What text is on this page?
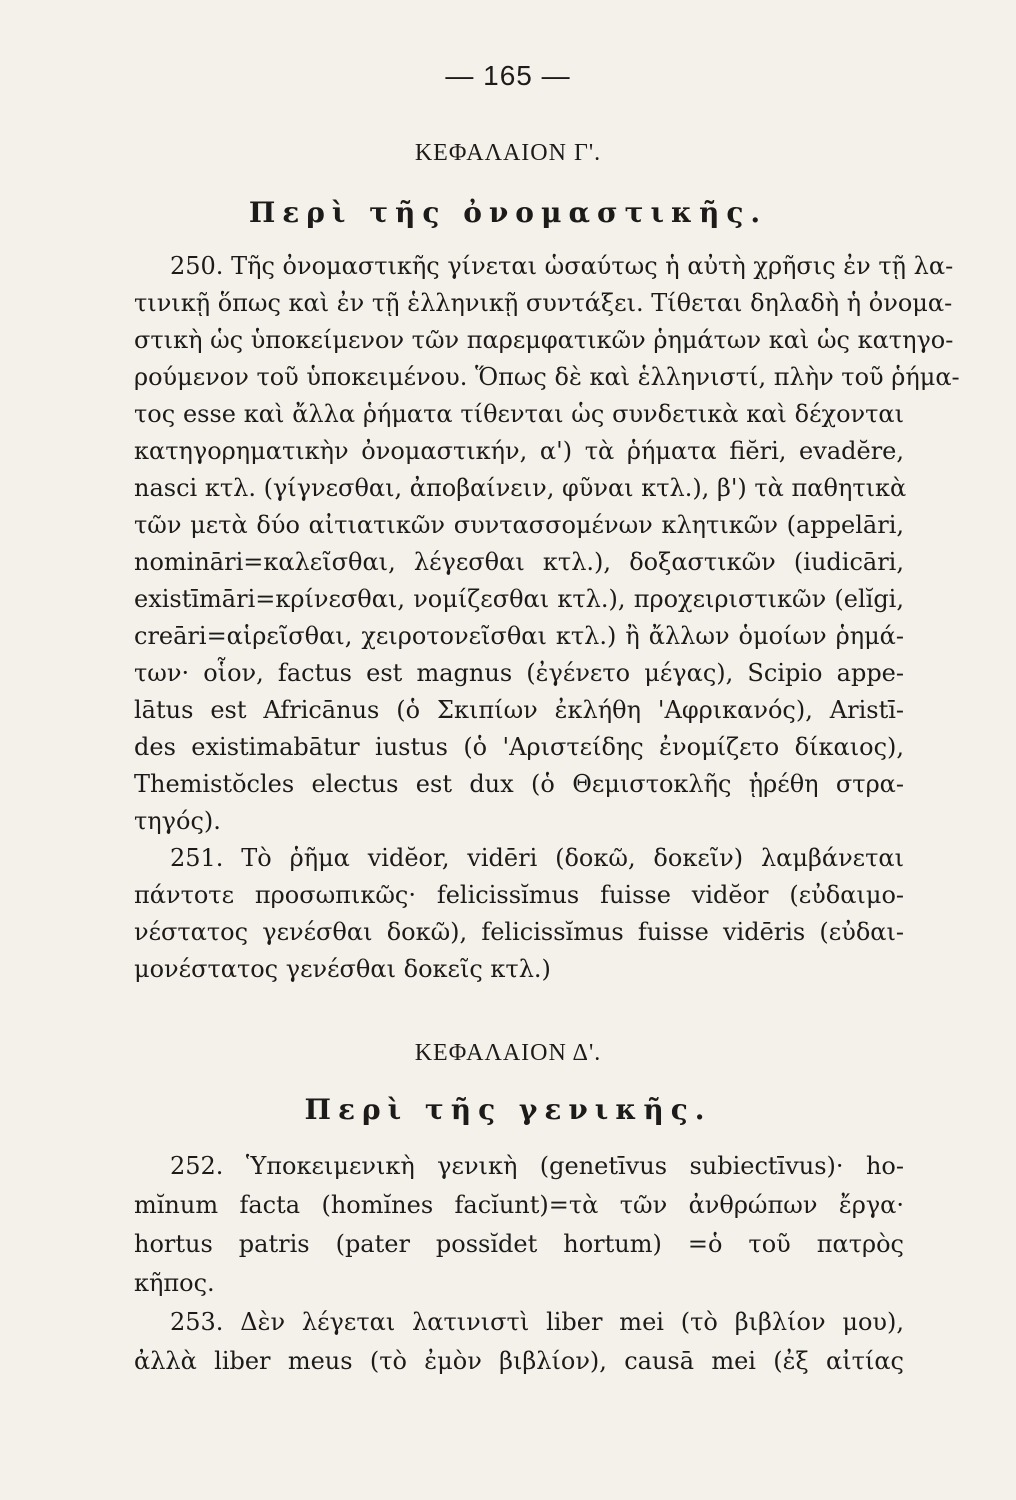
— 165 —
ΚΕΦΑΛΑΙΟΝ Γ'.
Περὶ τῆς ὀνομαστικῆς.
250. Τῆς ὀνομαστικῆς γίνεται ὡσαύτως ἡ αὐτὴ χρῆσις ἐν τῇ λα-
τινικῇ ὅπως καὶ ἐν τῇ ἑλληνικῇ συντάξει. Τίθεται δηλαδὴ ἡ ὀνομα-
στικὴ ὡς ὑποκείμενον τῶν παρεμφατικῶν ῥημάτων καὶ ὡς κατηγο-
ρούμενον τοῦ ὑποκειμένου. Ὅπως δὲ καὶ ἑλληνιστί, πλὴν τοῦ ῥήμα-
τος esse καὶ ἄλλα ῥήματα τίθενται ὡς συνδετικὰ καὶ δέχονται
κατηγορηματικὴν ὀνομαστικήν, α') τὰ ῥήματα fiĕri, evadĕre,
nasci κτλ. (γίγνεσθαι, ἀποβαίνειν, φῦναι κτλ.), β') τὰ παθητικὰ
τῶν μετὰ δύο αἰτιατικῶν συντασσομένων κλητικῶν (appelāri,
nomināri=καλεῖσθαι, λέγεσθαι κτλ.), δοξαστικῶν (iudicāri,
existīmāri=κρίνεσθαι, νομίζεσθαι κτλ.), προχειριστικῶν (elĭgi,
creāri=αἱρεῖσθαι, χειροτονεῖσθαι κτλ.) ἢ ἄλλων ὁμοίων ῥημά-
των· οἷον, factus est magnus (ἐγένετο μέγας), Scipio appe-
lātus est Africānus (ὁ Σκιπίων ἐκλήθη 'Αφρικανός), Aristī-
des existimabātur iustus (ὁ 'Αριστείδης ἐνομίζετο δίκαιος),
Themistŏcles electus est dux (ὁ Θεμιστοκλῆς ᾑρέθη στρα-
τηγός).
251. Τὸ ῥῆμα vidĕor, vidēri (δοκῶ, δοκεῖν) λαμβάνεται
πάντοτε προσωπικῶς· felicissĭmus fuisse vidĕor (εὐδαιμο-
νέστατος γενέσθαι δοκῶ), felicissĭmus fuisse vidēris (εὐδαι-
μονέστατος γενέσθαι δοκεῖς κτλ.)
ΚΕΦΑΛΑΙΟΝ Δ'.
Περὶ τῆς γενικῆς.
252. Ὑποκειμενικὴ γενικὴ (genetīvus subiectīvus)· ho-
mĭnum facta (homĭnes facĭunt)=τὰ τῶν ἀνθρώπων ἔργα·
hortus patris (pater possĭdet hortum) =ὁ τοῦ πατρὸς
κῆπος.
253. Δὲν λέγεται λατινιστὶ liber mei (τὸ βιβλίον μου),
ἀλλὰ liber meus (τὸ ἐμὸν βιβλίον), causā mei (ἐξ αἰτίας
